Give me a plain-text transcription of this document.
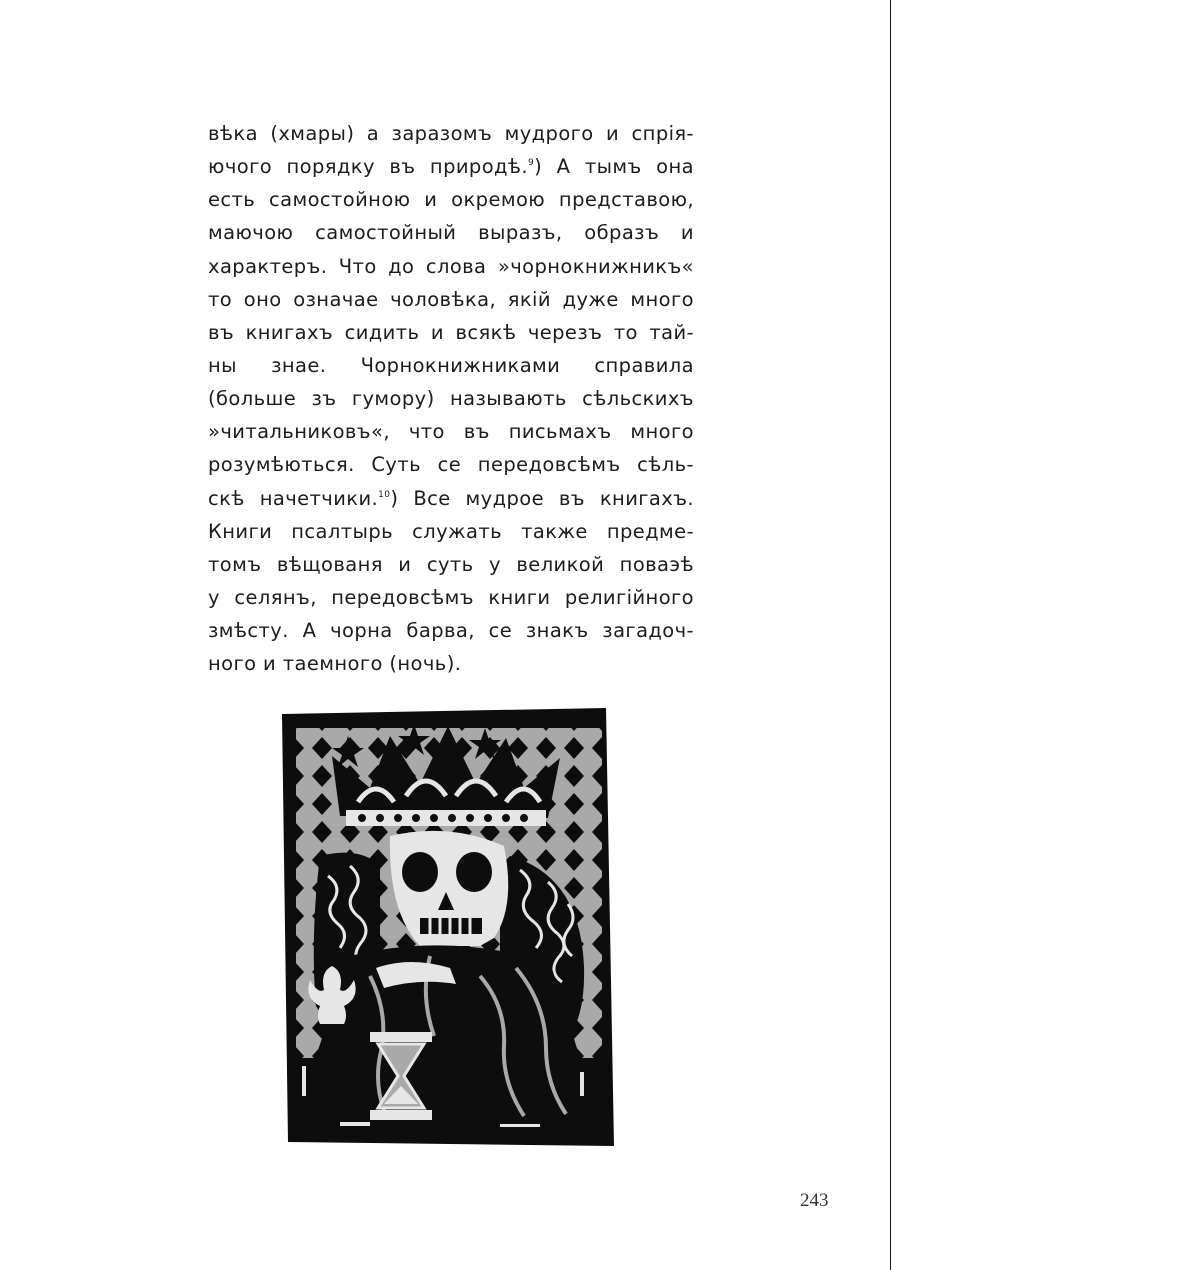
вѣка (хмары) а заразомъ мудрого и спрія-
ючого порядку въ природѣ.$^9$) А тымъ она
есть самостойною и окремою представою,
маючою самостойный выразъ, образъ и
характеръ. Что до слова »чорнокнижникъ«
то оно означае чоловѣка, якій дуже много
въ книгахъ сидить и всякѣ черезъ то тай-
ны знае. Чорнокнижниками справила
(больше зъ гумору) называють сѣльскихъ
»читальниковъ«, что въ письмахъ много
розумѣються. Суть се передовсѣмъ сѣль-
скѣ начетчики.$^{10}$) Все мудрое въ книгахъ.
Книги псалтырь служать также предме-
томъ вѣщованя и суть у великой поваэѣ
у селянъ, передовсѣмъ книги религійного
змѣсту. А чорна барва, се знакъ загадоч-
ного и таемного (ночь).
243
